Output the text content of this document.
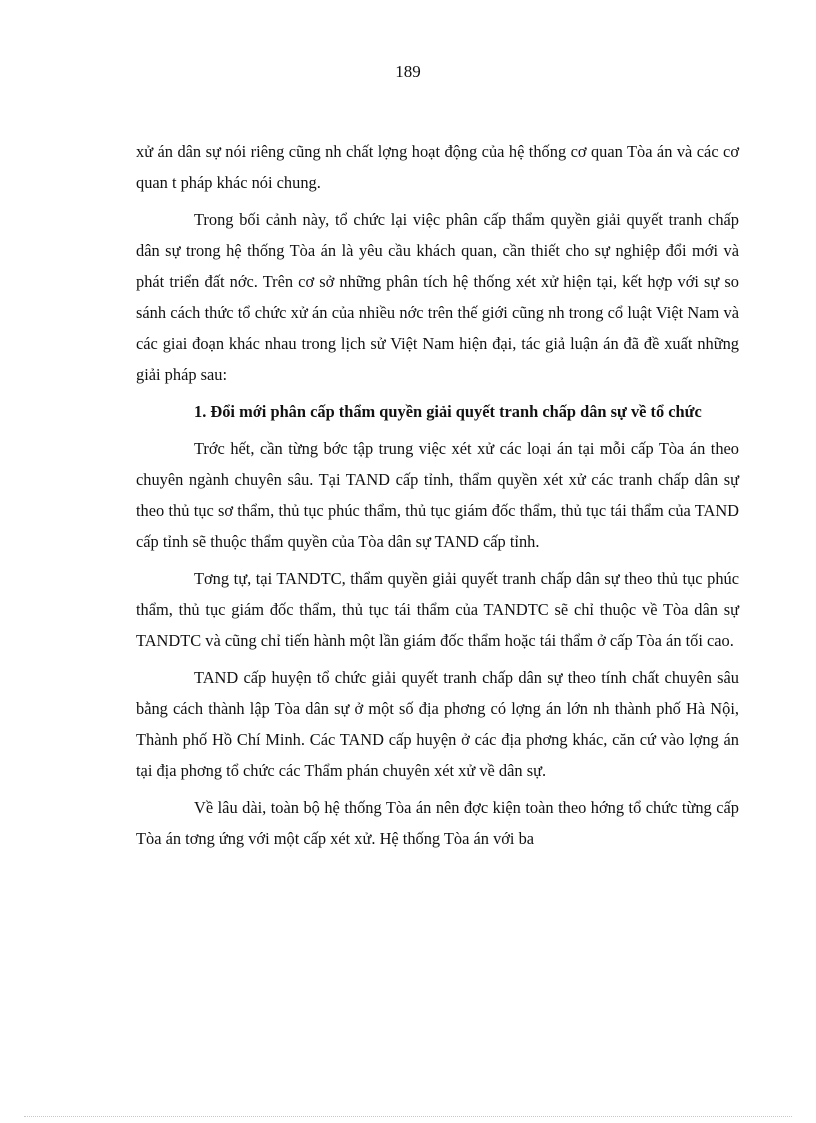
189

xử án dân sự nói riêng cũng nh chất lợng hoạt động của hệ thống cơ quan Tòa án và các cơ quan t pháp khác nói chung.

Trong bối cảnh này, tổ chức lại việc phân cấp thẩm quyền giải quyết tranh chấp dân sự trong hệ thống Tòa án là yêu cầu khách quan, cần thiết cho sự nghiệp đổi mới và phát triển đất nớc. Trên cơ sở những phân tích hệ thống xét xử hiện tại, kết hợp với sự so sánh cách thức tổ chức xử án của nhiều nớc trên thế giới cũng nh trong cổ luật Việt Nam và các giai đoạn khác nhau trong lịch sử Việt Nam hiện đại, tác giả luận án đã đề xuất những giải pháp sau:

1. Đổi mới phân cấp thẩm quyền giải quyết tranh chấp dân sự về tổ chức

Trớc hết, cần từng bớc tập trung việc xét xử các loại án tại mỗi cấp Tòa án theo chuyên ngành chuyên sâu. Tại TAND cấp tỉnh, thẩm quyền xét xử các tranh chấp dân sự theo thủ tục sơ thẩm, thủ tục phúc thẩm, thủ tục giám đốc thẩm, thủ tục tái thẩm của TAND cấp tỉnh sẽ thuộc thẩm quyền của Tòa dân sự TAND cấp tỉnh.

Tơng tự, tại TANDTC, thẩm quyền giải quyết tranh chấp dân sự theo thủ tục phúc thẩm, thủ tục giám đốc thẩm, thủ tục tái thẩm của TANDTC sẽ chỉ thuộc về Tòa dân sự TANDTC và cũng chỉ tiến hành một lần giám đốc thẩm hoặc tái thẩm ở cấp Tòa án tối cao.

TAND cấp huyện tổ chức giải quyết tranh chấp dân sự theo tính chất chuyên sâu bằng cách thành lập Tòa dân sự ở một số địa phơng có lợng án lớn nh thành phố Hà Nội, Thành phố Hồ Chí Minh. Các TAND cấp huyện ở các địa phơng khác, căn cứ vào lợng án tại địa phơng tổ chức các Thẩm phán chuyên xét xử về dân sự.

Về lâu dài, toàn bộ hệ thống Tòa án nên đợc kiện toàn theo hớng tổ chức từng cấp Tòa án tơng ứng với một cấp xét xử. Hệ thống Tòa án với ba
